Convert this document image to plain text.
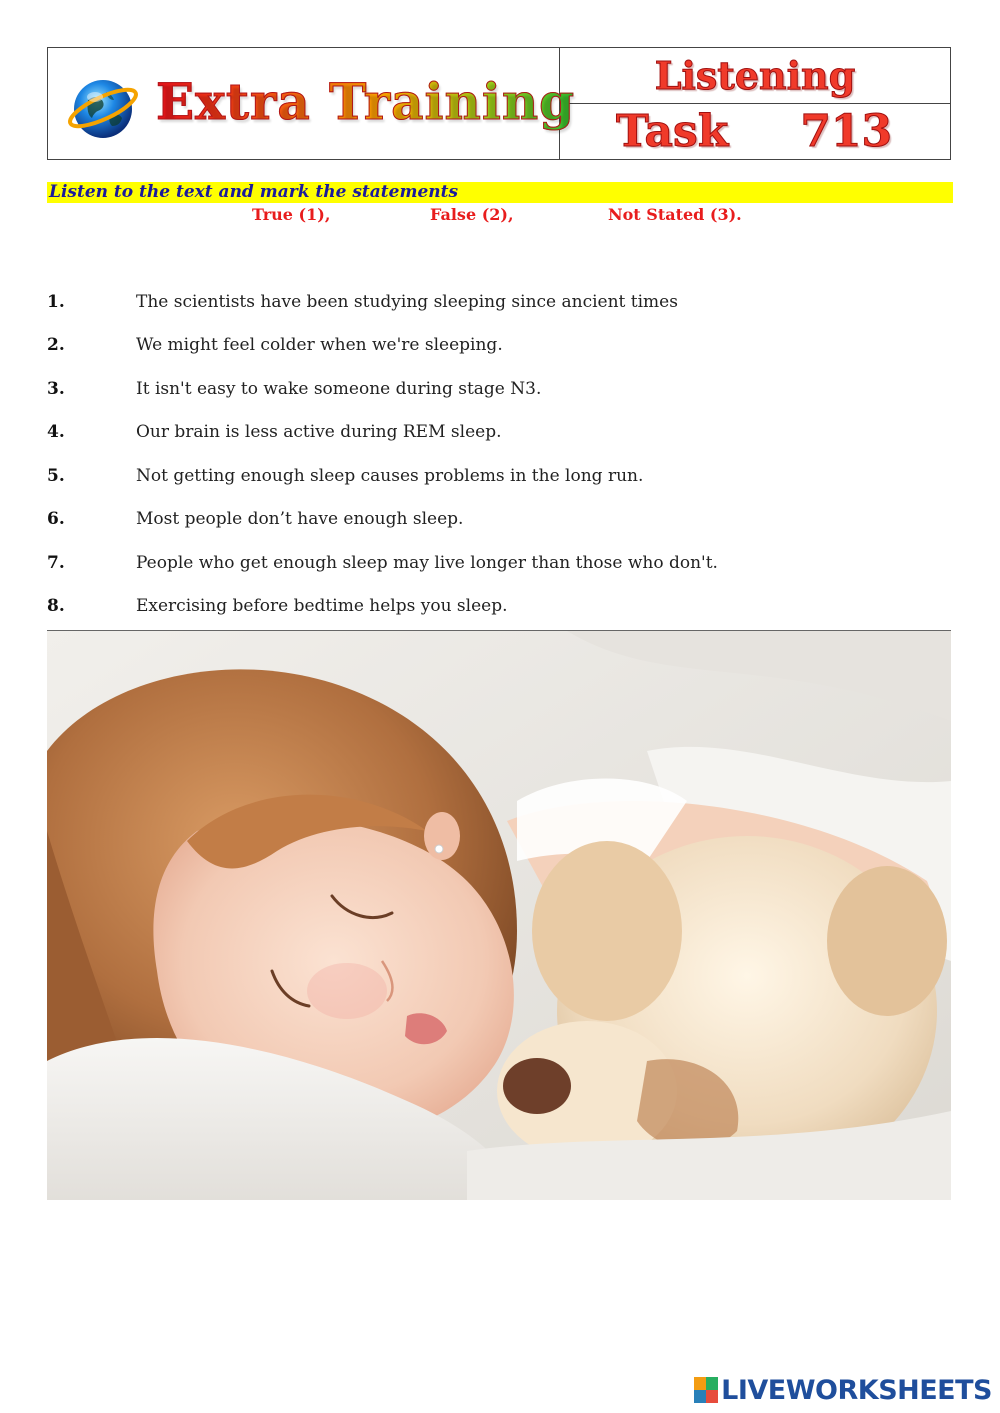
Extra Training Listening
Task 713
Listen to the text and mark the statements
True (1),	False (2),	Not Stated (3).
1.	The scientists have been studying sleeping since ancient times
2.	We might feel colder when we're sleeping.
3.	It isn't easy to wake someone during stage N3.
4.	Our brain is less active during REM sleep.
5.	Not getting enough sleep causes problems in the long run.
6.	Most people don’t have enough sleep.
7.	People who get enough sleep may live longer than those who don't.
8.	Exercising before bedtime helps you sleep.
LIVEWORKSHEETS
